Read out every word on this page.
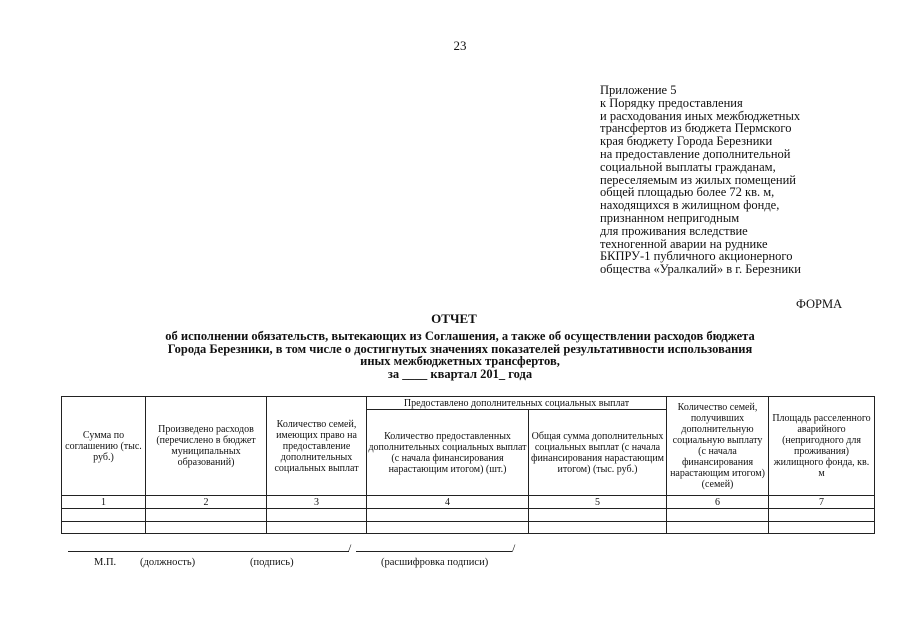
23
Приложение 5
к Порядку предоставления
и расходования иных межбюджетных
трансфертов из бюджета Пермского
края бюджету Города Березники
на предоставление дополнительной
социальной выплаты гражданам,
переселяемым из жилых помещений
общей площадью более 72 кв. м,
находящихся в жилищном фонде,
признанном непригодным
для проживания вследствие
техногенной аварии на руднике
БКПРУ-1 публичного акционерного
общества «Уралкалий» в г. Березники
ФОРМА
ОТЧЕТ
об исполнении обязательств, вытекающих из Соглашения, а также об осуществлении расходов бюджета
Города Березники, в том числе о достигнутых значениях показателей результативности использования
иных межбюджетных трансфертов,
за ____ квартал 201_ года
Сумма по соглашению (тыс. руб.)	Произведено расходов (перечислено в бюджет муниципальных образований)	Количество семей, имеющих право на предоставление дополнительных социальных выплат	Предоставлено дополнительных социальных выплат		Количество семей, получивших дополнительную социальную выплату (с начала финансирования нарастающим итогом) (семей)	Площадь расселенного аварийного (непригодного для проживания) жилищного фонда, кв. м
			Количество предоставленных дополнительных социальных выплат (с начала финансирования нарастающим итогом) (шт.)	Общая сумма дополнительных социальных выплат (с начала финансирования нарастающим итогом) (тыс. руб.)		
1	2	3	4	5	6	7

/	/
М.П. (должность)	(подпись)	(расшифровка подписи)
